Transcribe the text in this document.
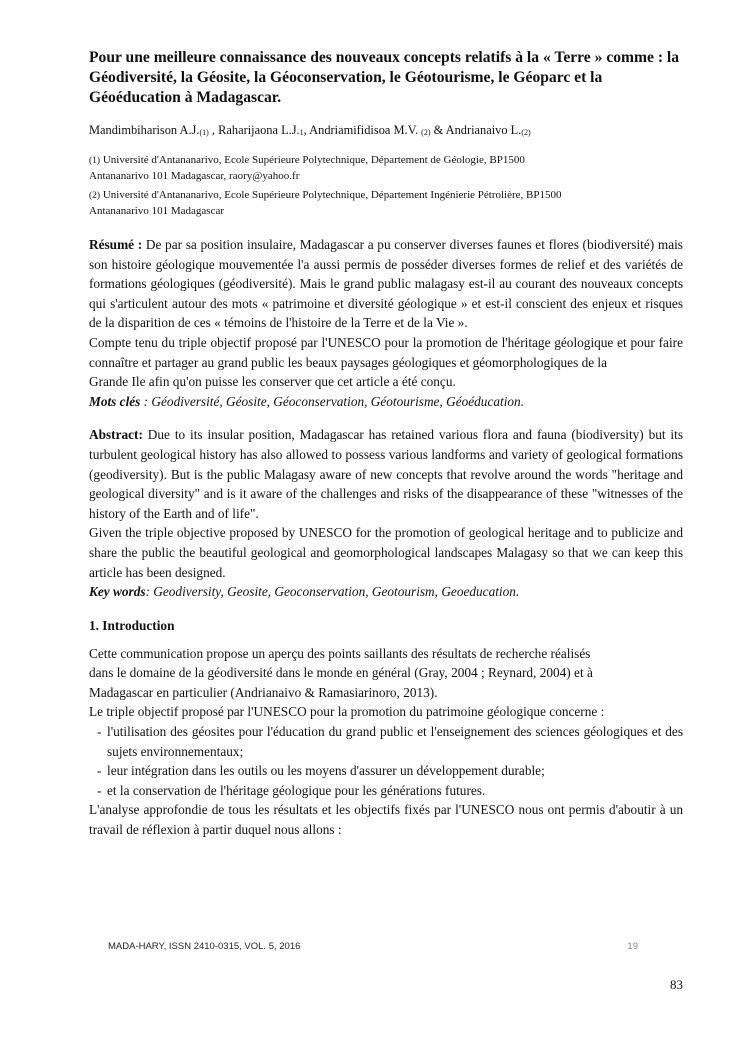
Pour une meilleure connaissance des nouveaux concepts relatifs à la « Terre » comme : la Géodiversité, la Géosite, la Géoconservation, le Géotourisme, le Géoparc et la Géoéducation à Madagascar.

Mandimbiharison $A.J._{(1)}$ , Raharijaona $L.J._1$, Andriamifidisoa M.V. $_{(2)}$ & Andrianaivo $L._{(2)}$

(1) Université d'Antananarivo, Ecole Supérieure Polytechnique, Département de Géologie, BP1500
Antananarivo 101 Madagascar, raory@yahoo.fr

(2) Université d'Antananarivo, Ecole Supérieure Polytechnique, Département Ingénierie Pétrolière, BP1500
Antananarivo 101 Madagascar

Résumé : De par sa position insulaire, Madagascar a pu conserver diverses faunes et flores (biodiversité) mais son histoire géologique mouvementée l'a aussi permis de posséder diverses formes de relief et des variétés de formations géologiques (géodiversité). Mais le grand public malagasy est-il au courant des nouveaux concepts qui s'articulent autour des mots « patrimoine et diversité géologique » et est-il conscient des enjeux et risques de la disparition de ces « témoins de l'histoire de la Terre et de la Vie ».

Compte tenu du triple objectif proposé par l'UNESCO pour la promotion de l'héritage géologique et pour faire connaître et partager au grand public les beaux paysages géologiques et géomorphologiques de la

Grande Ile afin qu'on puisse les conserver que cet article a été conçu.

Mots clés : Géodiversité, Géosite, Géoconservation, Géotourisme, Géoéducation.

Abstract: Due to its insular position, Madagascar has retained various flora and fauna (biodiversity) but its turbulent geological history has also allowed to possess various landforms and variety of geological formations (geodiversity). But is the public Malagasy aware of new concepts that revolve around the words "heritage and geological diversity" and is it aware of the challenges and risks of the disappearance of these "witnesses of the history of the Earth and of life".

Given the triple objective proposed by UNESCO for the promotion of geological heritage and to publicize and share the public the beautiful geological and geomorphological landscapes Malagasy so that we can keep this article has been designed.

Key words: Geodiversity, Geosite, Geoconservation, Geotourism, Geoeducation.

1. Introduction

Cette communication propose un aperçu des points saillants des résultats de recherche réalisés

dans le domaine de la géodiversité dans le monde en général (Gray, 2004 ; Reynard, 2004) et à

Madagascar en particulier (Andrianaivo & Ramasiarinoro, 2013).

Le triple objectif proposé par l'UNESCO pour la promotion du patrimoine géologique concerne :

- l'utilisation des géosites pour l'éducation du grand public et l'enseignement des sciences géologiques et des sujets environnementaux;
- leur intégration dans les outils ou les moyens d'assurer un développement durable;
- et la conservation de l'héritage géologique pour les générations futures.

L'analyse approfondie de tous les résultats et les objectifs fixés par l'UNESCO nous ont permis d'aboutir à un travail de réflexion à partir duquel nous allons :

MADA-HARY, ISSN 2410-0315, VOL. 5, 2016	19
83
